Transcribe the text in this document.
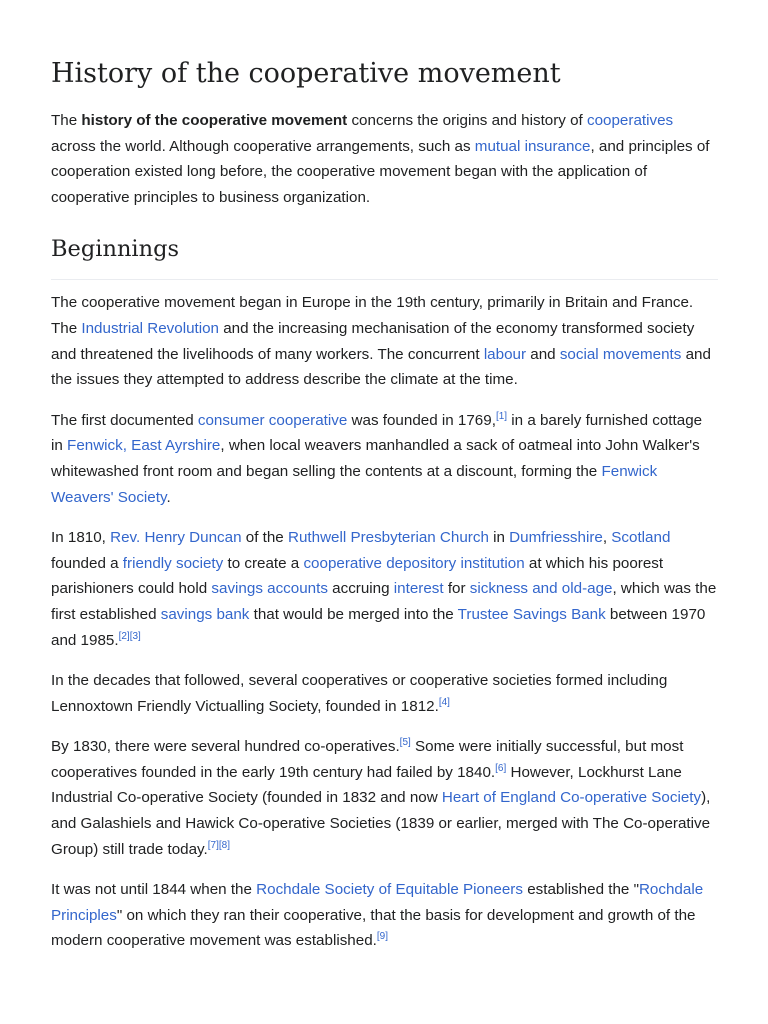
History of the cooperative movement

The history of the cooperative movement concerns the origins and history of cooperatives across the world. Although cooperative arrangements, such as mutual insurance, and principles of cooperation existed long before, the cooperative movement began with the application of cooperative principles to business organization.

Beginnings

The cooperative movement began in Europe in the 19th century, primarily in Britain and France. The Industrial Revolution and the increasing mechanisation of the economy transformed society and threatened the livelihoods of many workers. The concurrent labour and social movements and the issues they attempted to address describe the climate at the time.

The first documented consumer cooperative was founded in 1769,[1] in a barely furnished cottage in Fenwick, East Ayrshire, when local weavers manhandled a sack of oatmeal into John Walker's whitewashed front room and began selling the contents at a discount, forming the Fenwick Weavers' Society.

In 1810, Rev. Henry Duncan of the Ruthwell Presbyterian Church in Dumfriesshire, Scotland founded a friendly society to create a cooperative depository institution at which his poorest parishioners could hold savings accounts accruing interest for sickness and old-age, which was the first established savings bank that would be merged into the Trustee Savings Bank between 1970 and 1985.[2][3]

In the decades that followed, several cooperatives or cooperative societies formed including Lennoxtown Friendly Victualling Society, founded in 1812.[4]

By 1830, there were several hundred co-operatives.[5] Some were initially successful, but most cooperatives founded in the early 19th century had failed by 1840.[6] However, Lockhurst Lane Industrial Co-operative Society (founded in 1832 and now Heart of England Co-operative Society), and Galashiels and Hawick Co-operative Societies (1839 or earlier, merged with The Co-operative Group) still trade today.[7][8]

It was not until 1844 when the Rochdale Society of Equitable Pioneers established the "Rochdale Principles" on which they ran their cooperative, that the basis for development and growth of the modern cooperative movement was established.[9]
